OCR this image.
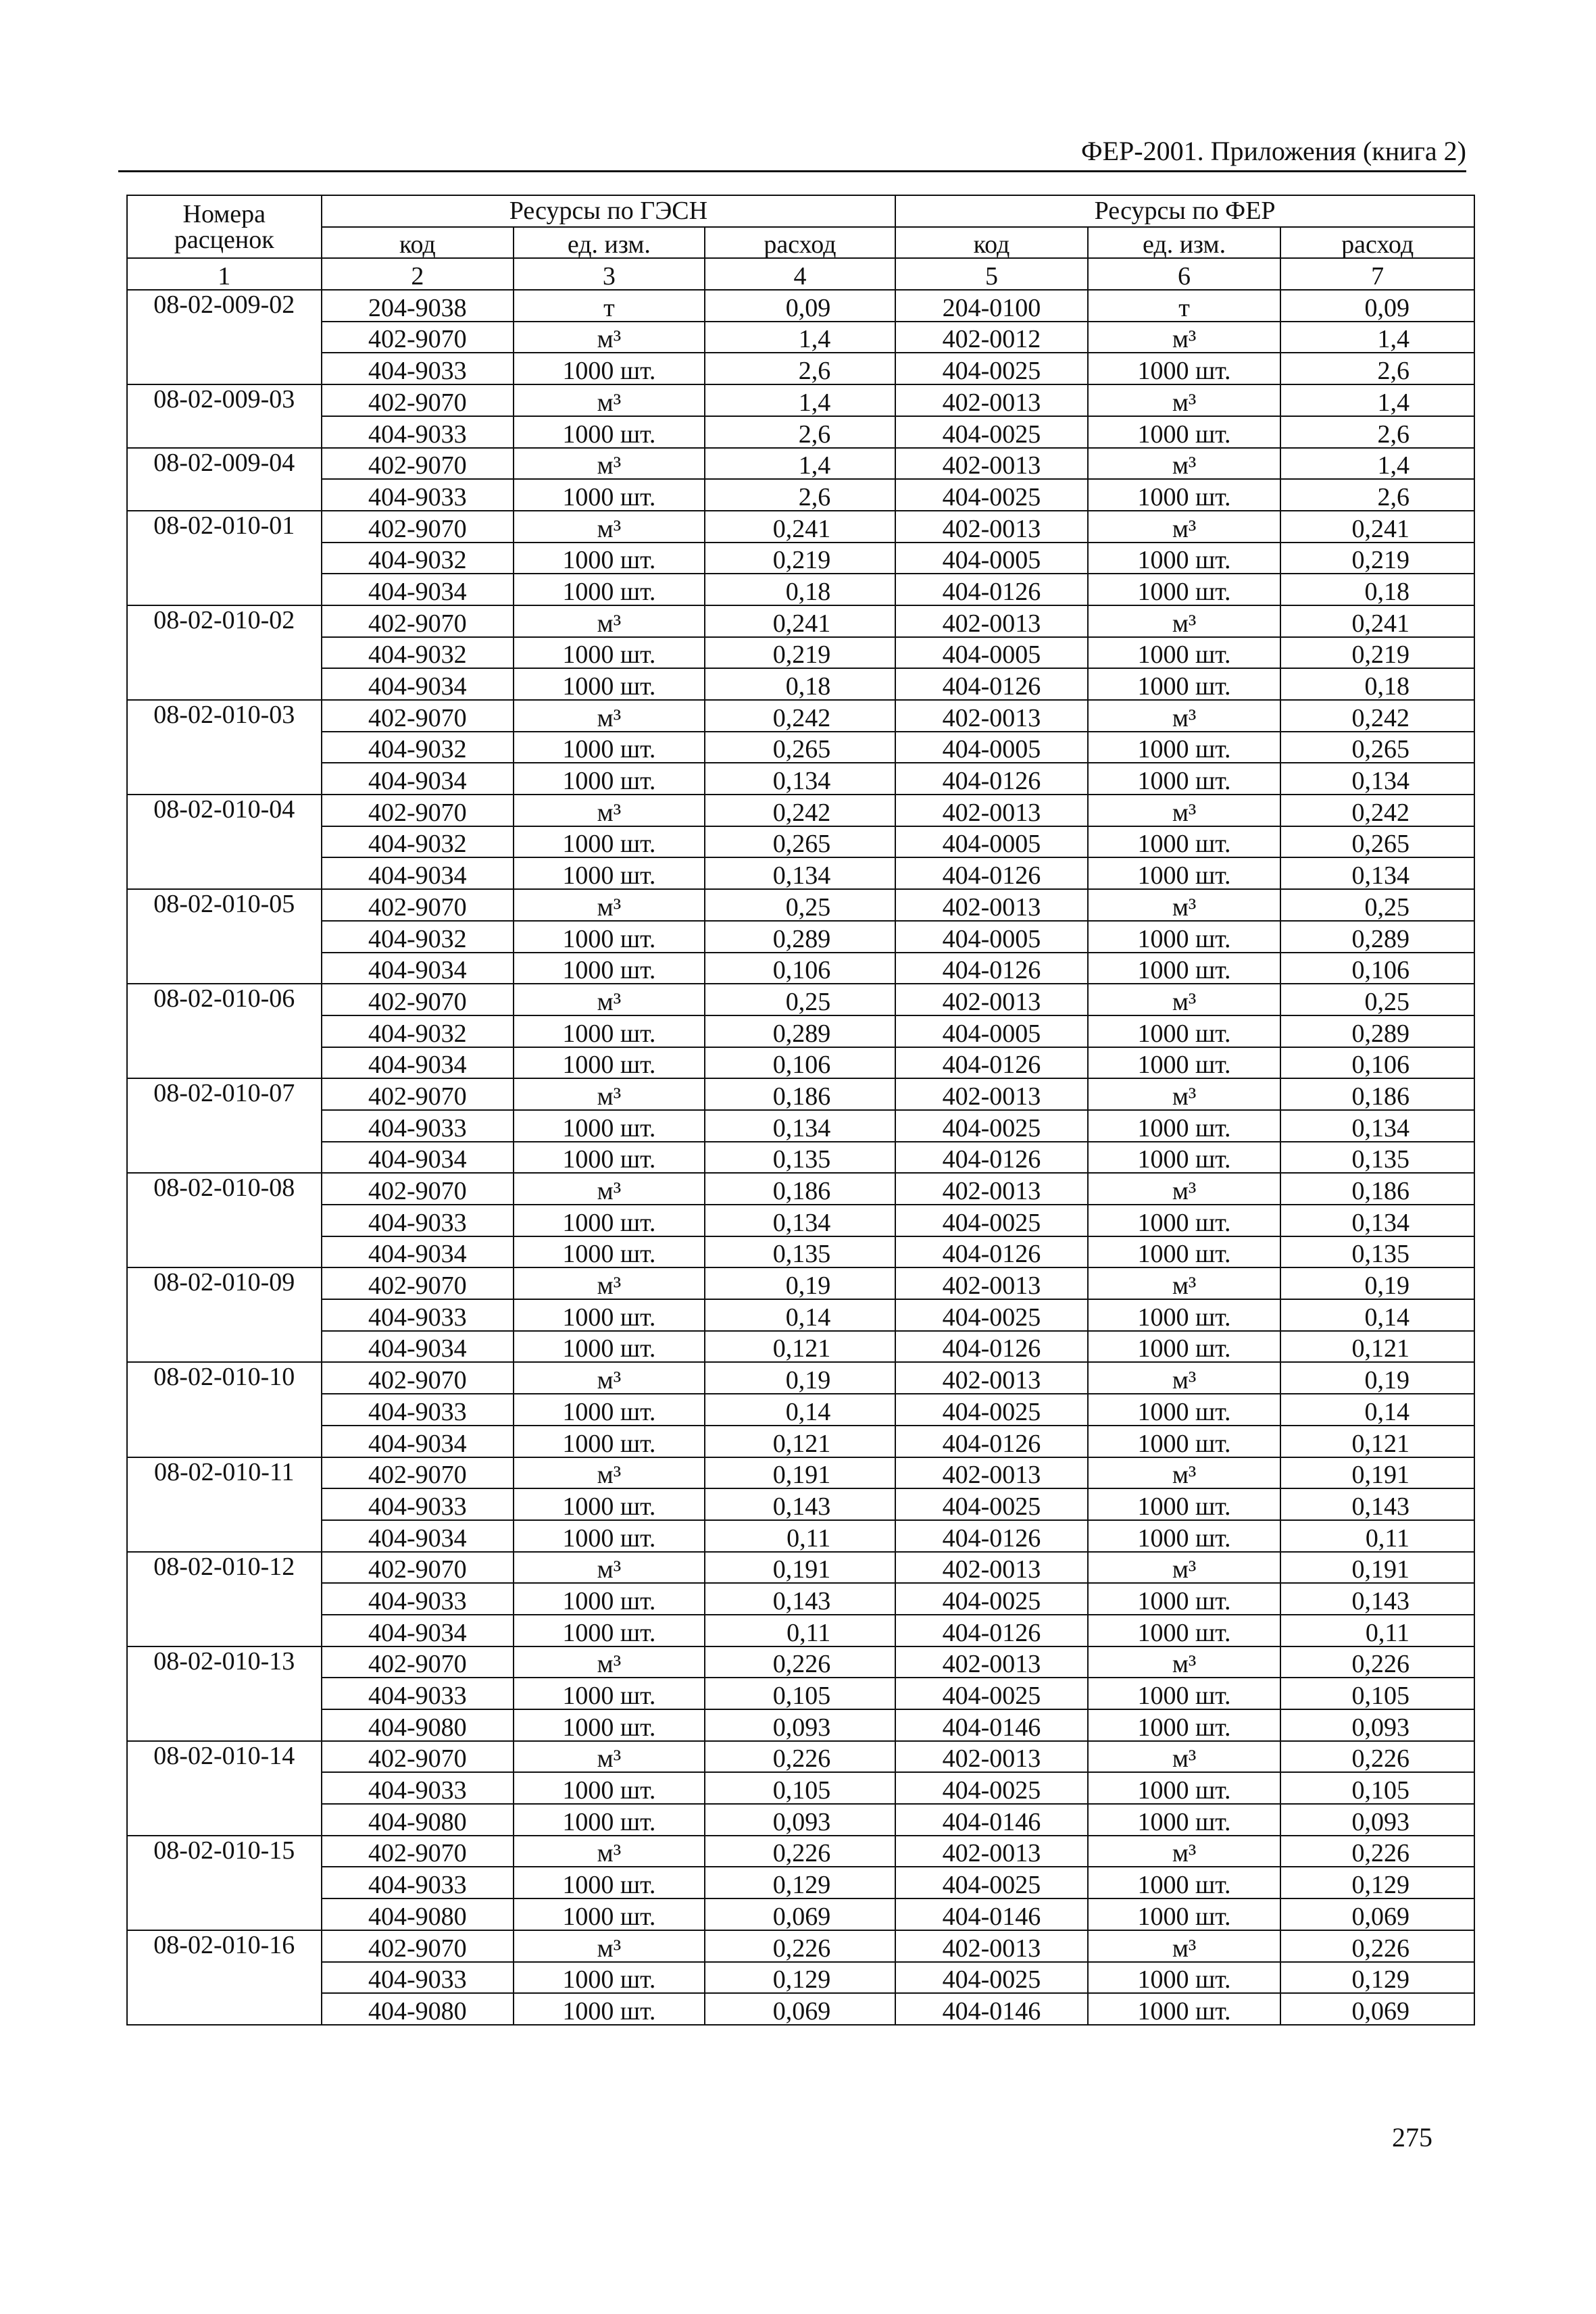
ФЕР-2001. Приложения (книга 2)
Номера
расценок	Ресурсы по ГЭСН			Ресурсы по ФЕР		
	код	ед. изм.	расход	код	ед. изм.	расход
1	2	3	4	5	6	7
08-02-009-02	204-9038	т	0,09	204-0100	т	0,09
	402-9070	м³	1,4	402-0012	м³	1,4
	404-9033	1000 шт.	2,6	404-0025	1000 шт.	2,6
08-02-009-03	402-9070	м³	1,4	402-0013	м³	1,4
	404-9033	1000 шт.	2,6	404-0025	1000 шт.	2,6
08-02-009-04	402-9070	м³	1,4	402-0013	м³	1,4
	404-9033	1000 шт.	2,6	404-0025	1000 шт.	2,6
08-02-010-01	402-9070	м³	0,241	402-0013	м³	0,241
	404-9032	1000 шт.	0,219	404-0005	1000 шт.	0,219
	404-9034	1000 шт.	0,18	404-0126	1000 шт.	0,18
08-02-010-02	402-9070	м³	0,241	402-0013	м³	0,241
	404-9032	1000 шт.	0,219	404-0005	1000 шт.	0,219
	404-9034	1000 шт.	0,18	404-0126	1000 шт.	0,18
08-02-010-03	402-9070	м³	0,242	402-0013	м³	0,242
	404-9032	1000 шт.	0,265	404-0005	1000 шт.	0,265
	404-9034	1000 шт.	0,134	404-0126	1000 шт.	0,134
08-02-010-04	402-9070	м³	0,242	402-0013	м³	0,242
	404-9032	1000 шт.	0,265	404-0005	1000 шт.	0,265
	404-9034	1000 шт.	0,134	404-0126	1000 шт.	0,134
08-02-010-05	402-9070	м³	0,25	402-0013	м³	0,25
	404-9032	1000 шт.	0,289	404-0005	1000 шт.	0,289
	404-9034	1000 шт.	0,106	404-0126	1000 шт.	0,106
08-02-010-06	402-9070	м³	0,25	402-0013	м³	0,25
	404-9032	1000 шт.	0,289	404-0005	1000 шт.	0,289
	404-9034	1000 шт.	0,106	404-0126	1000 шт.	0,106
08-02-010-07	402-9070	м³	0,186	402-0013	м³	0,186
	404-9033	1000 шт.	0,134	404-0025	1000 шт.	0,134
	404-9034	1000 шт.	0,135	404-0126	1000 шт.	0,135
08-02-010-08	402-9070	м³	0,186	402-0013	м³	0,186
	404-9033	1000 шт.	0,134	404-0025	1000 шт.	0,134
	404-9034	1000 шт.	0,135	404-0126	1000 шт.	0,135
08-02-010-09	402-9070	м³	0,19	402-0013	м³	0,19
	404-9033	1000 шт.	0,14	404-0025	1000 шт.	0,14
	404-9034	1000 шт.	0,121	404-0126	1000 шт.	0,121
08-02-010-10	402-9070	м³	0,19	402-0013	м³	0,19
	404-9033	1000 шт.	0,14	404-0025	1000 шт.	0,14
	404-9034	1000 шт.	0,121	404-0126	1000 шт.	0,121
08-02-010-11	402-9070	м³	0,191	402-0013	м³	0,191
	404-9033	1000 шт.	0,143	404-0025	1000 шт.	0,143
	404-9034	1000 шт.	0,11	404-0126	1000 шт.	0,11
08-02-010-12	402-9070	м³	0,191	402-0013	м³	0,191
	404-9033	1000 шт.	0,143	404-0025	1000 шт.	0,143
	404-9034	1000 шт.	0,11	404-0126	1000 шт.	0,11
08-02-010-13	402-9070	м³	0,226	402-0013	м³	0,226
	404-9033	1000 шт.	0,105	404-0025	1000 шт.	0,105
	404-9080	1000 шт.	0,093	404-0146	1000 шт.	0,093
08-02-010-14	402-9070	м³	0,226	402-0013	м³	0,226
	404-9033	1000 шт.	0,105	404-0025	1000 шт.	0,105
	404-9080	1000 шт.	0,093	404-0146	1000 шт.	0,093
08-02-010-15	402-9070	м³	0,226	402-0013	м³	0,226
	404-9033	1000 шт.	0,129	404-0025	1000 шт.	0,129
	404-9080	1000 шт.	0,069	404-0146	1000 шт.	0,069
08-02-010-16	402-9070	м³	0,226	402-0013	м³	0,226
	404-9033	1000 шт.	0,129	404-0025	1000 шт.	0,129
	404-9080	1000 шт.	0,069	404-0146	1000 шт.	0,069
275
